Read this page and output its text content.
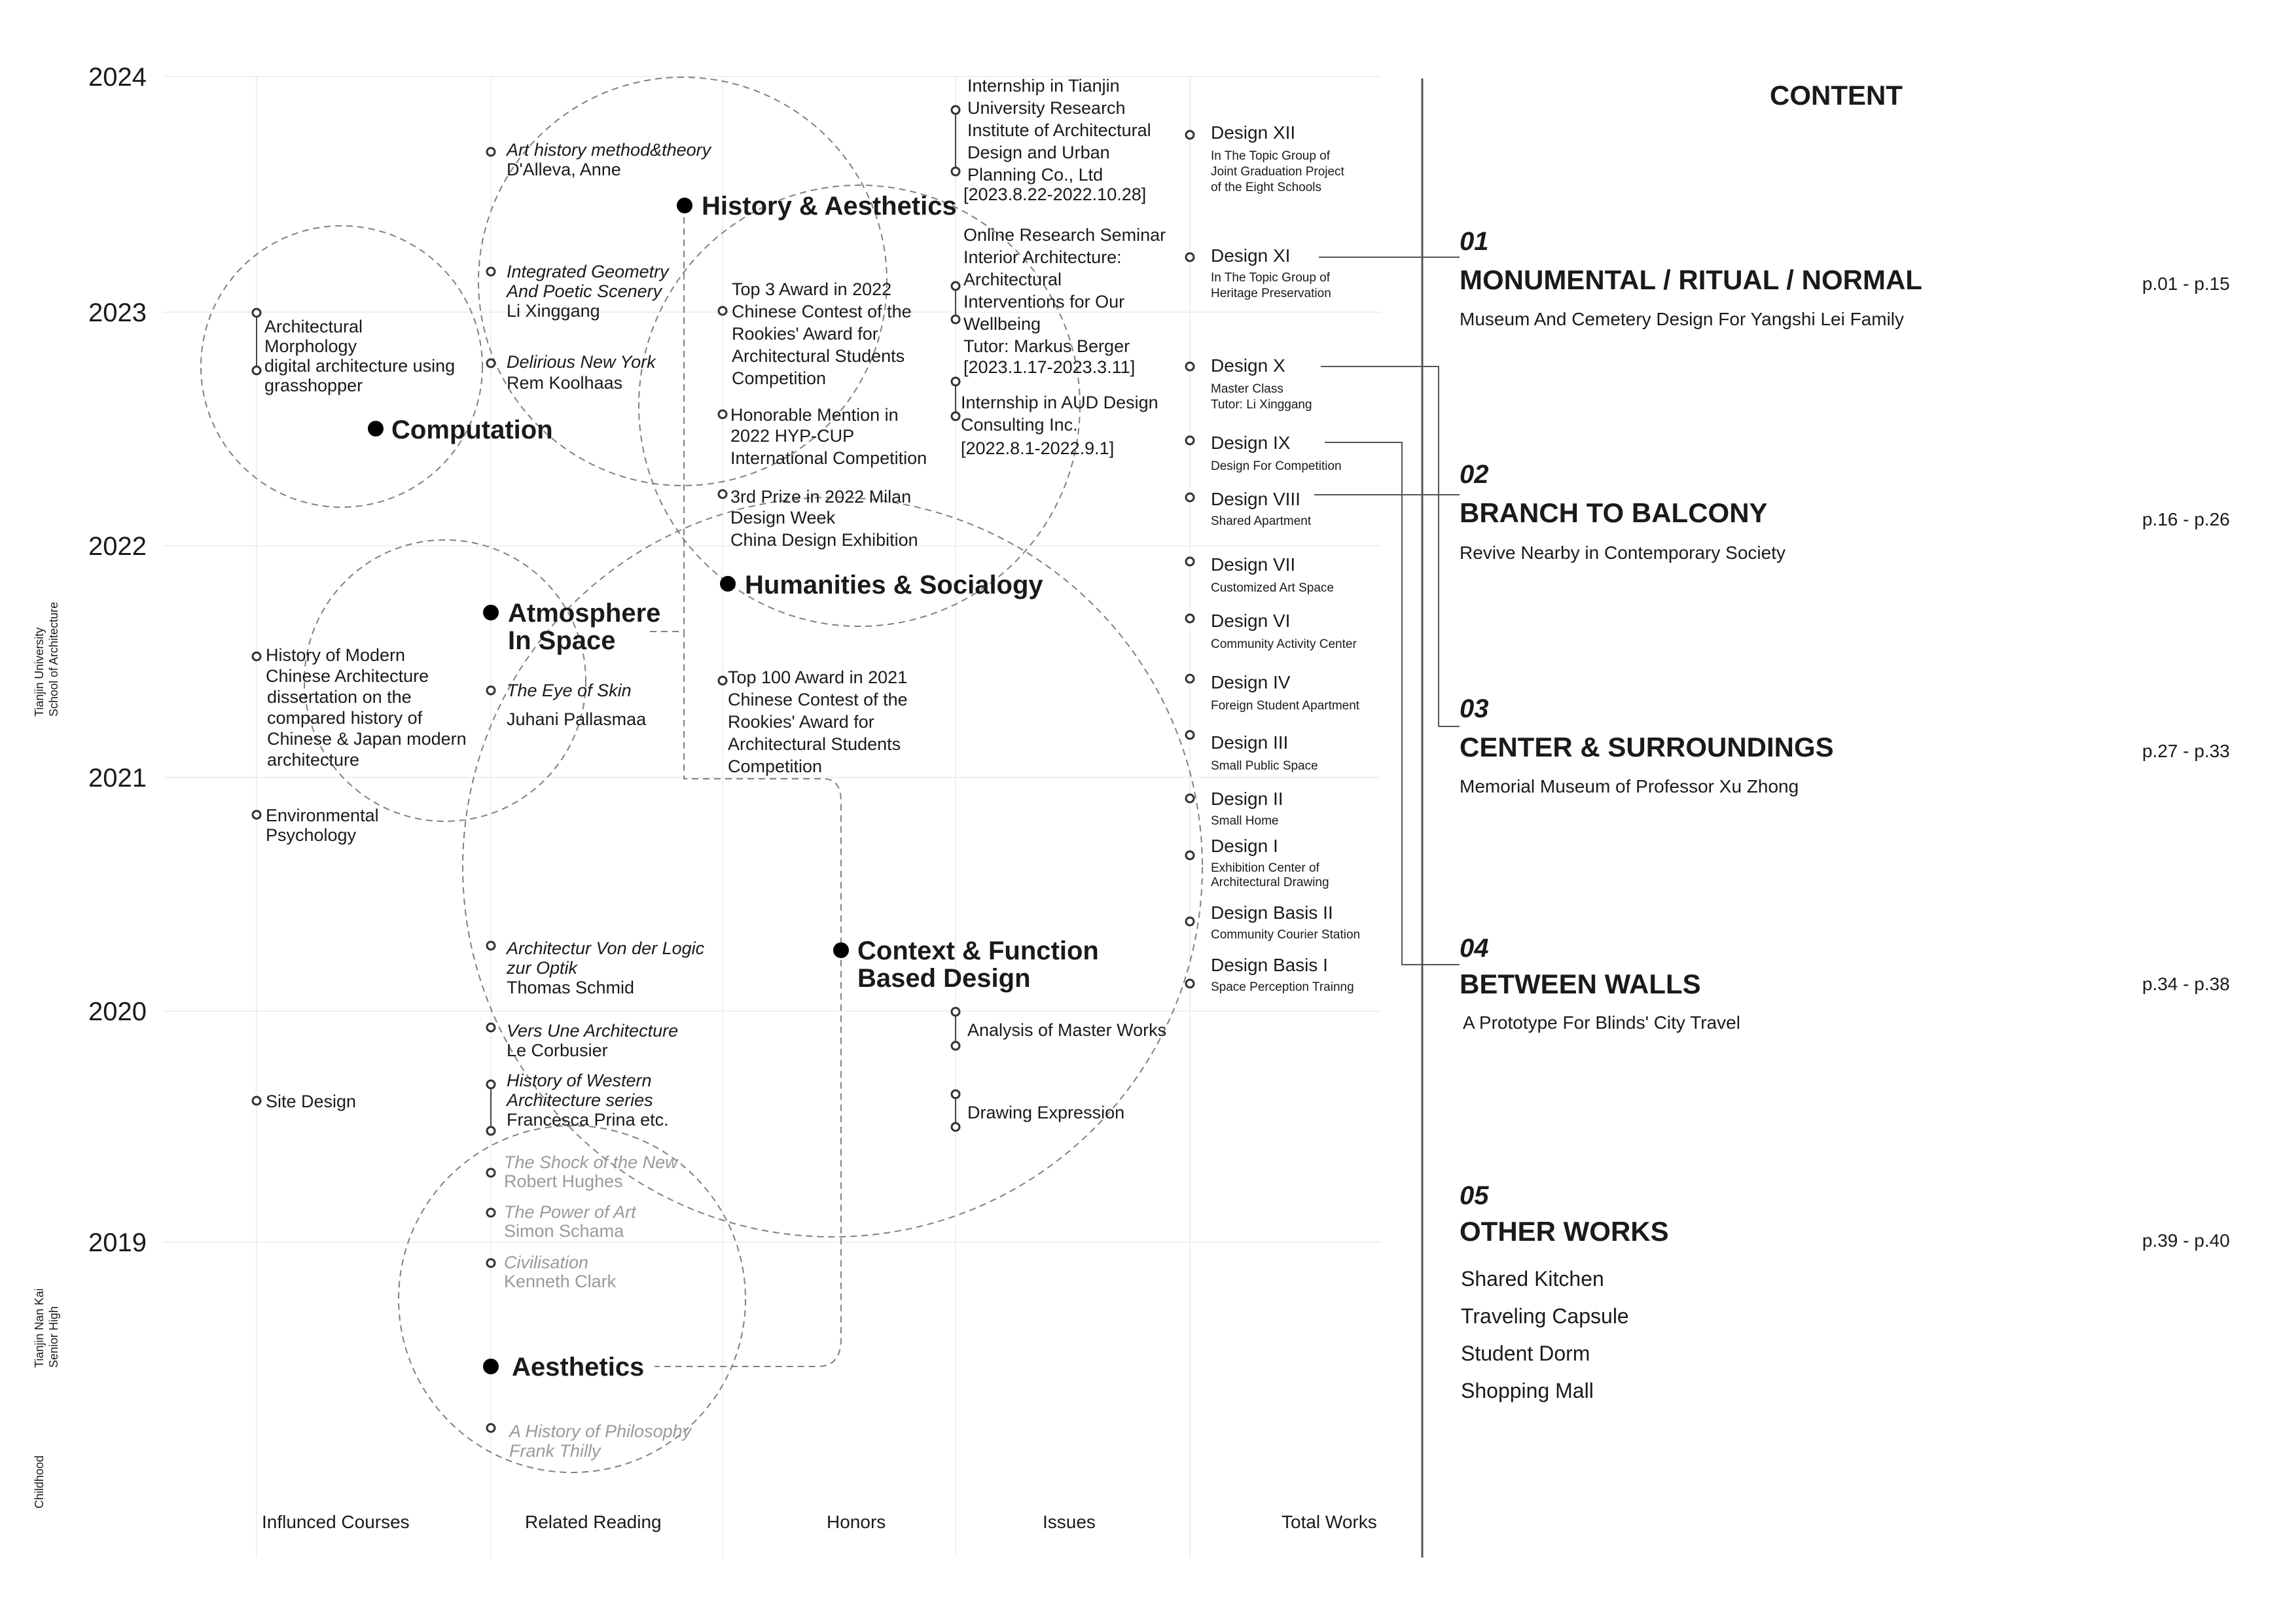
2024
2023
2022
2021
2020
2019
Tianjin University School of Architecture
Tianjin Nan Kai Senior High
Childhood
History & Aesthetics
Computation
Humanities & Socialogy
Atmosphere
In Space
Context & Function
Based Design
Aesthetics
Architectural
Morphology
digital architecture using
grasshopper
History of Modern
Chinese Architecture
dissertation on the
compared history of
Chinese & Japan modern
architecture
Environmental
Psychology
Site Design
Art history method&theory
D'Alleva, Anne
Integrated Geometry
And Poetic Scenery
Li Xinggang
Delirious New York
Rem Koolhaas
The Eye of Skin
Juhani Pallasmaa
Architectur Von der Logic
zur Optik
Thomas Schmid
Vers Une Architecture
Le Corbusier
History of Western
Architecture series
Francesca Prina etc.
The Shock of the New
Robert Hughes
The Power of Art
Simon Schama
Civilisation
Kenneth Clark
A History of Philosophy
Frank Thilly
Top 3 Award in 2022
Chinese Contest of the
Rookies' Award for
Architectural Students
Competition
Honorable Mention in
2022 HYP-CUP
International Competition
3rd Prize in 2022 Milan
Design Week
China Design Exhibition
Top 100 Award in 2021
Chinese Contest of the
Rookies' Award for
Architectural Students
Competition
Internship in Tianjin
University Research
Institute of Architectural
Design and Urban
Planning Co., Ltd
[2023.8.22-2022.10.28]
Online Research Seminar
Interior Architecture:
Architectural
Interventions for Our
Wellbeing
Tutor: Markus Berger
[2023.1.17-2023.3.11]
Internship in AUD Design
Consulting Inc.
[2022.8.1-2022.9.1]
Analysis of Master Works
Drawing Expression
Design XII
In The Topic Group of
Joint Graduation Project
of the Eight Schools
Design XI
In The Topic Group of
Heritage Preservation
Design X
Master Class
Tutor: Li Xinggang
Design IX
Design For Competition
Design VIII
Shared Apartment
Design VII
Customized Art Space
Design VI
Community Activity Center
Design IV
Foreign Student Apartment
Design III
Small Public Space
Design II
Small Home
Design I
Exhibition Center of
Architectural Drawing
Design Basis II
Community Courier Station
Design Basis I
Space Perception Trainng
Influnced Courses	Related Reading	Honors	Issues	Total Works
CONTENT
01
MONUMENTAL / RITUAL / NORMAL
Museum And Cemetery Design For Yangshi Lei Family
p.01 - p.15
02
BRANCH TO BALCONY
Revive Nearby in Contemporary Society
p.16 - p.26
03
CENTER & SURROUNDINGS
Memorial Museum of Professor Xu Zhong
p.27 - p.33
04
BETWEEN WALLS
A Prototype For Blinds' City Travel
p.34 - p.38
05
OTHER WORKS	p.39 - p.40
Shared Kitchen
Traveling Capsule
Student Dorm
Shopping Mall
